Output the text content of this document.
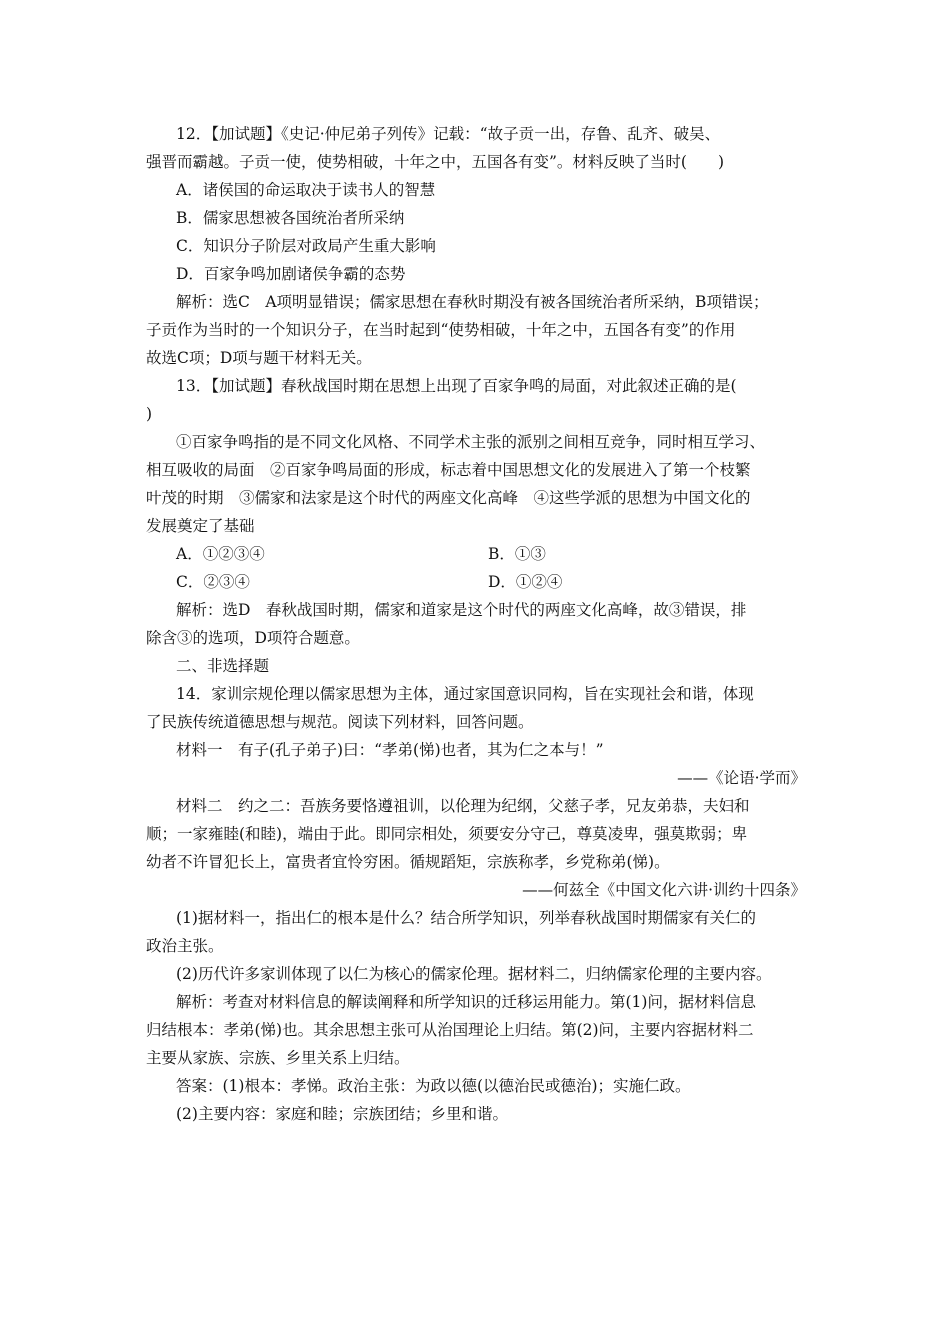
12．【加试题】《史记·仲尼弟子列传》记载：“故子贡一出，存鲁、乱齐、破吴、
强晋而霸越。子贡一使，使势相破，十年之中，五国各有变”。材料反映了当时(　　)
A．诸侯国的命运取决于读书人的智慧
B．儒家思想被各国统治者所采纳
C．知识分子阶层对政局产生重大影响
D．百家争鸣加剧诸侯争霸的态势
解析：选C　A项明显错误；儒家思想在春秋时期没有被各国统治者所采纳，B项错误；
子贡作为当时的一个知识分子，在当时起到“使势相破，十年之中，五国各有变”的作用
故选C项；D项与题干材料无关。
13．【加试题】春秋战国时期在思想上出现了百家争鸣的局面，对此叙述正确的是(
)
①百家争鸣指的是不同文化风格、不同学术主张的派别之间相互竞争，同时相互学习、
相互吸收的局面　②百家争鸣局面的形成，标志着中国思想文化的发展进入了第一个枝繁
叶茂的时期　③儒家和法家是这个时代的两座文化高峰　④这些学派的思想为中国文化的
发展奠定了基础
A．①②③④	B．①③
C．②③④	D．①②④
解析：选D　春秋战国时期，儒家和道家是这个时代的两座文化高峰，故③错误，排
除含③的选项，D项符合题意。
二、非选择题
14．家训宗规伦理以儒家思想为主体，通过家国意识同构，旨在实现社会和谐，体现
了民族传统道德思想与规范。阅读下列材料，回答问题。
材料一　有子(孔子弟子)曰：“孝弟(悌)也者，其为仁之本与！”
——《论语·学而》
材料二　约之二：吾族务要恪遵祖训，以伦理为纪纲，父慈子孝，兄友弟恭，夫妇和
顺；一家雍睦(和睦)，端由于此。即同宗相处，须要安分守己，尊莫凌卑，强莫欺弱；卑
幼者不许冒犯长上，富贵者宜怜穷困。循规蹈矩，宗族称孝，乡党称弟(悌)。
——何兹全《中国文化六讲·训约十四条》
(1)据材料一，指出仁的根本是什么？结合所学知识，列举春秋战国时期儒家有关仁的
政治主张。
(2)历代许多家训体现了以仁为核心的儒家伦理。据材料二，归纳儒家伦理的主要内容。
解析：考查对材料信息的解读阐释和所学知识的迁移运用能力。第(1)问，据材料信息
归结根本：孝弟(悌)也。其余思想主张可从治国理论上归结。第(2)问，主要内容据材料二
主要从家族、宗族、乡里关系上归结。
答案：(1)根本：孝悌。政治主张：为政以德(以德治民或德治)；实施仁政。
(2)主要内容：家庭和睦；宗族团结；乡里和谐。
